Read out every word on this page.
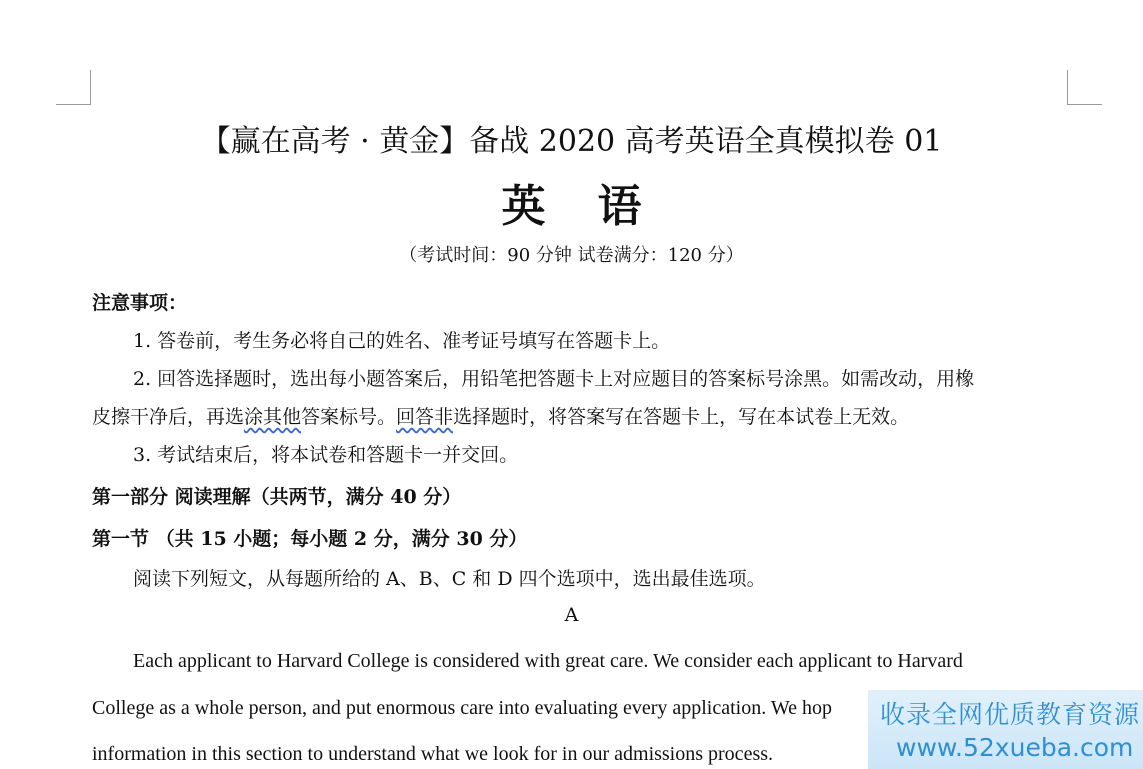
【赢在高考 · 黄金】备战 2020 高考英语全真模拟卷 01
英 语
（考试时间：90 分钟 试卷满分：120 分）
注意事项：
1. 答卷前，考生务必将自己的姓名、准考证号填写在答题卡上。
2. 回答选择题时，选出每小题答案后，用铅笔把答题卡上对应题目的答案标号涂黑。如需改动，用橡
皮擦干净后，再选涂其他答案标号。回答非选择题时，将答案写在答题卡上，写在本试卷上无效。
3. 考试结束后，将本试卷和答题卡一并交回。
第一部分 阅读理解（共两节，满分 40 分）
第一节 （共 15 小题；每小题 2 分，满分 30 分）
阅读下列短文，从每题所给的 A、B、C 和 D 四个选项中，选出最佳选项。
A
Each applicant to Harvard College is considered with great care. We consider each applicant to Harvard
College as a whole person, and put enormous care into evaluating every application. We hop
information in this section to understand what we look for in our admissions process.
收录全网优质教育资源
www.52xueba.com
